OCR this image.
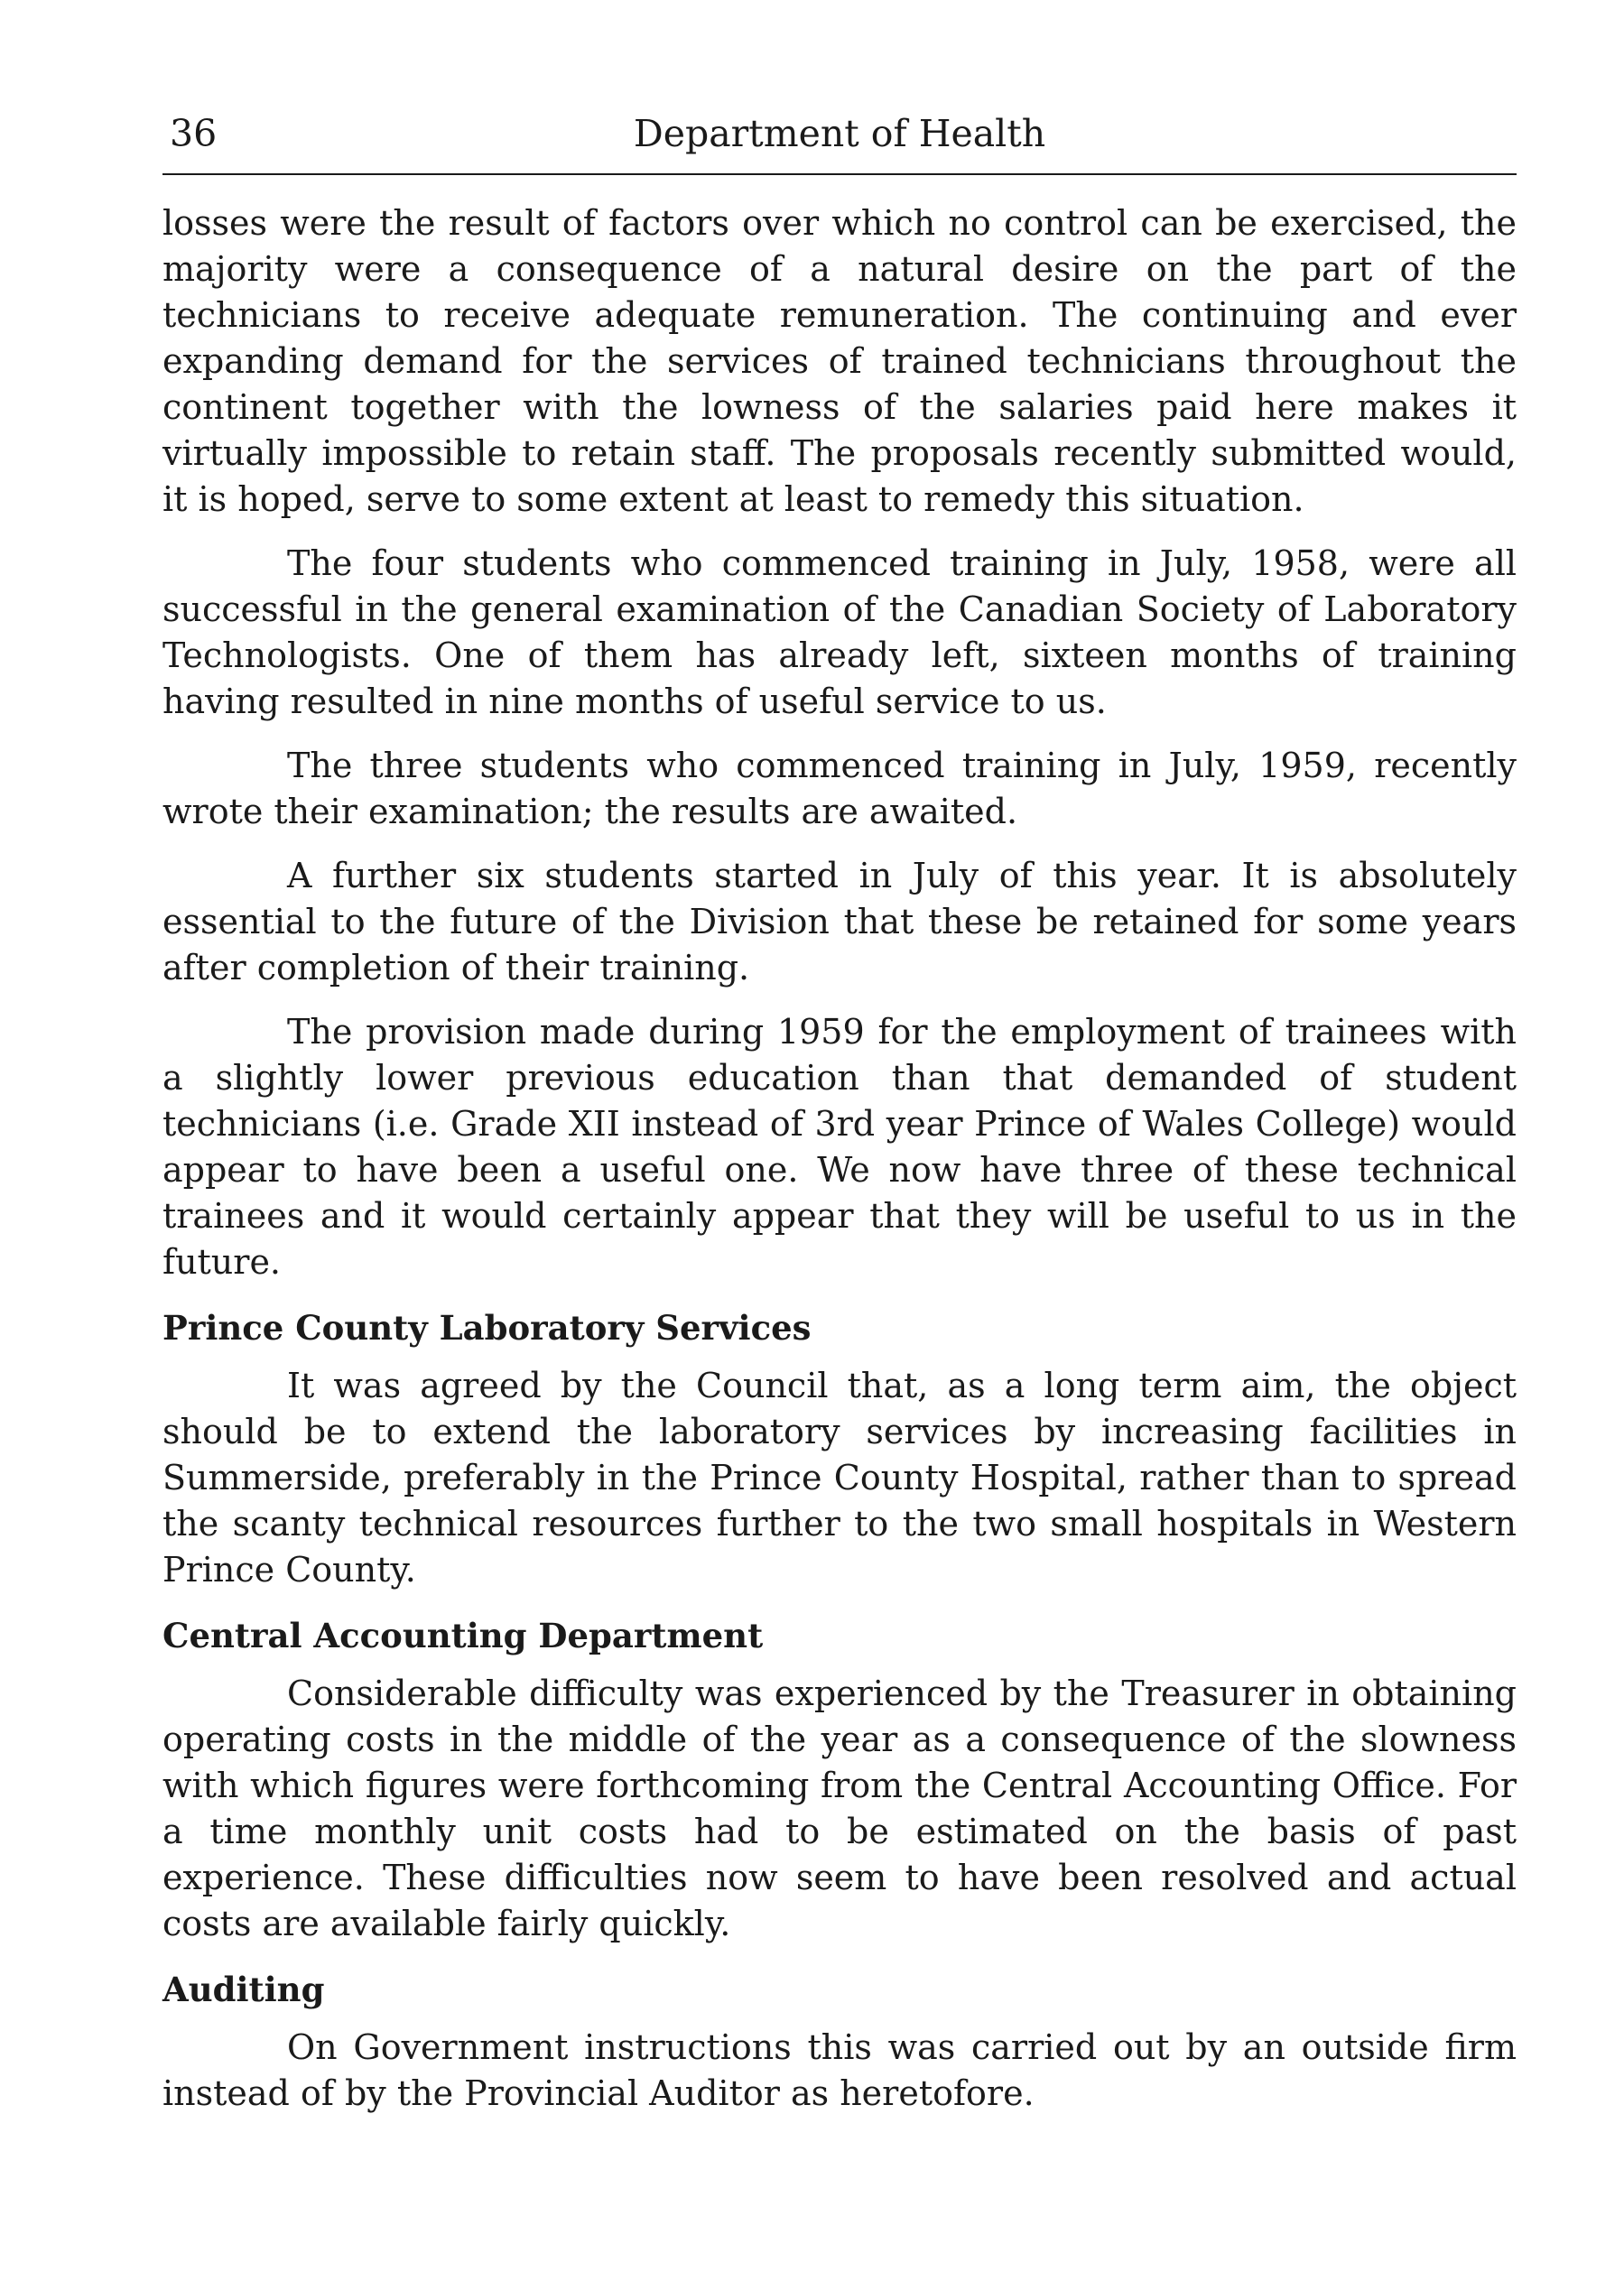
36	Department of Health

losses were the result of factors over which no control can be exercised, the majority were a consequence of a natural desire on the part of the technicians to receive adequate remuneration. The continuing and ever expanding demand for the services of trained technicians throughout the continent together with the lowness of the salaries paid here makes it virtually impossible to retain staff. The proposals recently submitted would, it is hoped, serve to some extent at least to remedy this situation.

The four students who commenced training in July, 1958, were all successful in the general examination of the Canadian Society of Laboratory Technologists. One of them has already left, sixteen months of training having resulted in nine months of useful service to us.

The three students who commenced training in July, 1959, recently wrote their examination; the results are awaited.

A further six students started in July of this year. It is absolutely essential to the future of the Division that these be retained for some years after completion of their training.

The provision made during 1959 for the employment of trainees with a slightly lower previous education than that demanded of student technicians (i.e. Grade XII instead of 3rd year Prince of Wales College) would appear to have been a useful one. We now have three of these technical trainees and it would certainly appear that they will be useful to us in the future.

Prince County Laboratory Services

It was agreed by the Council that, as a long term aim, the object should be to extend the laboratory services by increasing facilities in Summerside, preferably in the Prince County Hospital, rather than to spread the scanty technical resources further to the two small hospitals in Western Prince County.

Central Accounting Department

Considerable difficulty was experienced by the Treasurer in obtaining operating costs in the middle of the year as a consequence of the slowness with which figures were forthcoming from the Central Accounting Office. For a time monthly unit costs had to be estimated on the basis of past experience. These difficulties now seem to have been resolved and actual costs are available fairly quickly.

Auditing

On Government instructions this was carried out by an outside firm instead of by the Provincial Auditor as heretofore.
